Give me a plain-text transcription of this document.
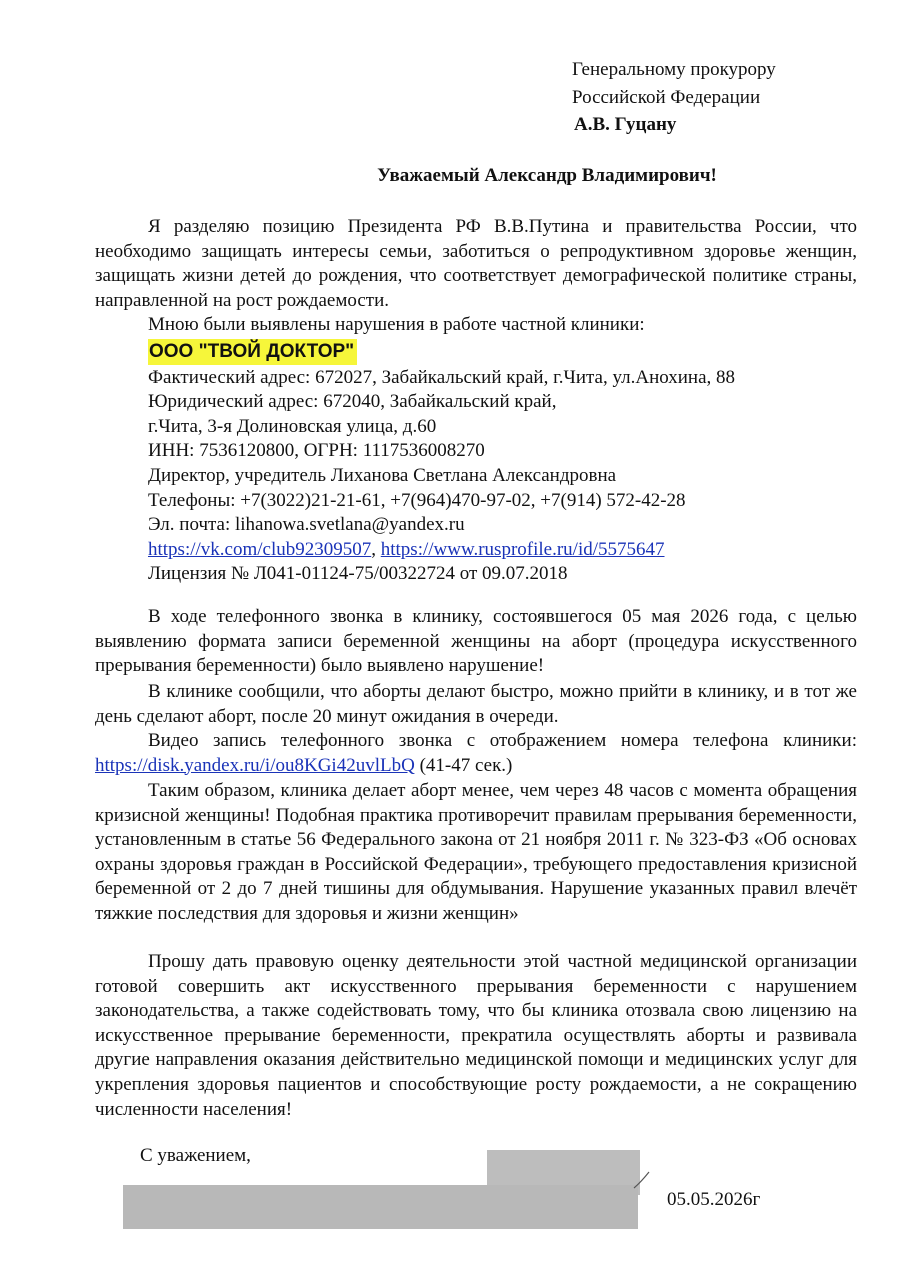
Генеральному прокурору
Российской Федерации
А.В. Гуцану
Уважаемый Александр Владимирович!
Я разделяю позицию Президента РФ В.В.Путина и правительства России, что необходимо защищать интересы семьи, заботиться о репродуктивном здоровье женщин, защищать жизни детей до рождения, что соответствует демографической политике страны, направленной на рост рождаемости.
Мною были выявлены нарушения в работе частной клиники:
ООО "ТВОЙ ДОКТОР"
Фактический адрес: 672027, Забайкальский край, г.Чита, ул.Анохина, 88
Юридический адрес: 672040, Забайкальский край,
г.Чита, 3-я Долиновская улица, д.60
ИНН: 7536120800, ОГРН: 1117536008270
Директор, учредитель Лиханова Светлана Александровна
Телефоны: +7(3022)21-21-61, +7(964)470-97-02, +7(914) 572-42-28
Эл. почта: lihanowa.svetlana@yandex.ru
https://vk.com/club92309507, https://www.rusprofile.ru/id/5575647
Лицензия № Л041-01124-75/00322724 от 09.07.2018
В ходе телефонного звонка в клинику, состоявшегося 05 мая 2026 года, с целью выявлению формата записи беременной женщины на аборт (процедура искусственного прерывания беременности) было выявлено нарушение!
В клинике сообщили, что аборты делают быстро, можно прийти в клинику, и в тот же день сделают аборт, после 20 минут ожидания в очереди.
Видео запись телефонного звонка с отображением номера телефона клиники: https://disk.yandex.ru/i/ou8KGi42uvlLbQ (41-47 сек.)
Таким образом, клиника делает аборт менее, чем через 48 часов с момента обращения кризисной женщины! Подобная практика противоречит правилам прерывания беременности, установленным в статье 56 Федерального закона от 21 ноября 2011 г. № 323-ФЗ «Об основах охраны здоровья граждан в Российской Федерации», требующего предоставления кризисной беременной от 2 до 7 дней тишины для обдумывания. Нарушение указанных правил влечёт тяжкие последствия для здоровья и жизни женщин»
Прошу дать правовую оценку деятельности этой частной медицинской организации готовой совершить акт искусственного прерывания беременности с нарушением законодательства, а также содействовать тому, что бы клиника отозвала свою лицензию на искусственное прерывание беременности, прекратила осуществлять аборты и развивала другие направления оказания действительно медицинской помощи и медицинских услуг для укрепления здоровья пациентов и способствующие росту рождаемости, а не сокращению численности населения!
С уважением,
05.05.2026г
